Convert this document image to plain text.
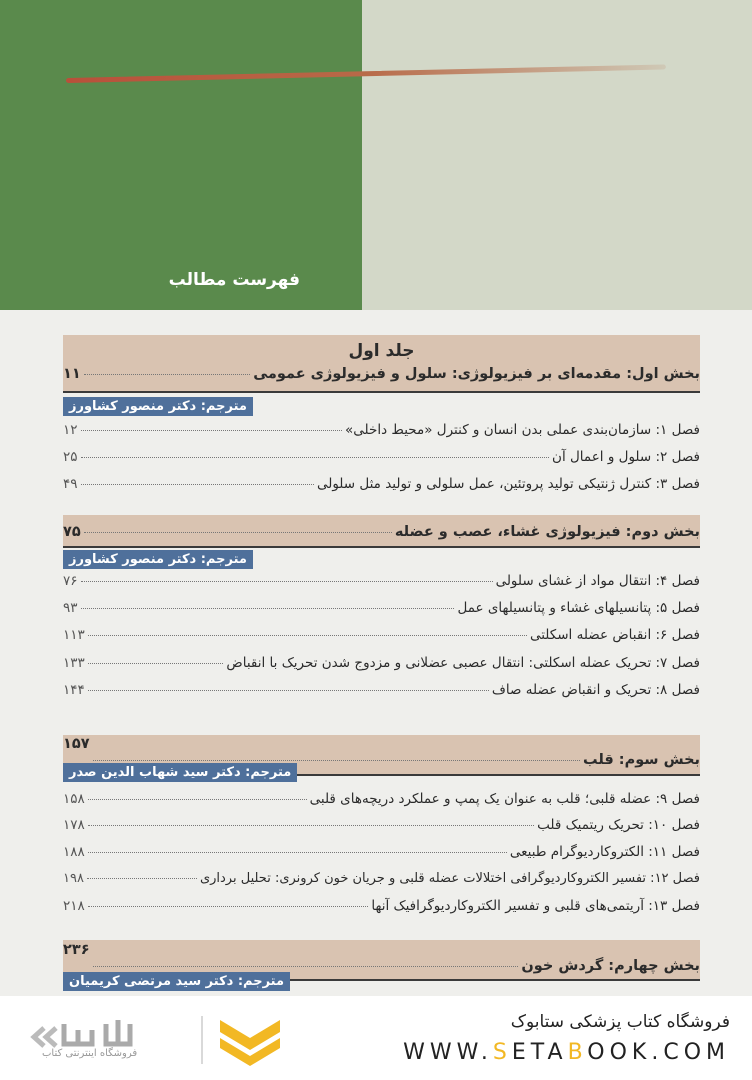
فهرست مطالب
جلد اول
بخش اول: مقدمه‌ای بر فیزیولوژی: سلول و فیزیولوژی عمومی
۱۱
مترجم: دکتر منصور کشاورز
فصل ۱: سازمان‌بندی عملی بدن انسان و کنترل «محیط داخلی»
۱۲
فصل ۲: سلول و اعمال آن
۲۵
فصل ۳: کنترل ژنتیکی تولید پروتئین، عمل سلولی و تولید مثل سلولی
۴۹
بخش دوم: فیزیولوژی غشاء، عصب و عضله
۷۵
مترجم: دکتر منصور کشاورز
فصل ۴: انتقال مواد از غشای سلولی
۷۶
فصل ۵: پتانسیلهای غشاء و پتانسیلهای عمل
۹۳
فصل ۶: انقباض عضله اسکلتی
۱۱۳
فصل ۷: تحریک عضله اسکلتی: انتقال عصبی عضلانی و مزدوج شدن تحریک با انقباض
۱۳۳
فصل ۸: تحریک و انقباض عضله صاف
۱۴۴
بخش سوم: قلب
۱۵۷
مترجم: دکتر سید شهاب الدین صدر
فصل ۹: عضله قلبی؛ قلب به عنوان یک پمپ و عملکرد دریچه‌های قلبی
۱۵۸
فصل ۱۰: تحریک ریتمیک قلب
۱۷۸
فصل ۱۱: الکتروکاردیوگرام طبیعی
۱۸۸
فصل ۱۲: تفسیر الکتروکاردیوگرافی اختلالات عضله قلبی و جریان خون کرونری: تحلیل برداری
۱۹۸
فصل ۱۳: آریتمی‌های قلبی و تفسیر الکتروکاردیوگرافیک آنها
۲۱۸
بخش چهارم: گردش خون
۲۳۶
مترجم: دکتر سید مرتضی کریمیان
فروشگاه اینترنتی کتاب
فروشگاه کتاب پزشکی ستابوک
WWW.SETABOOK.COM
